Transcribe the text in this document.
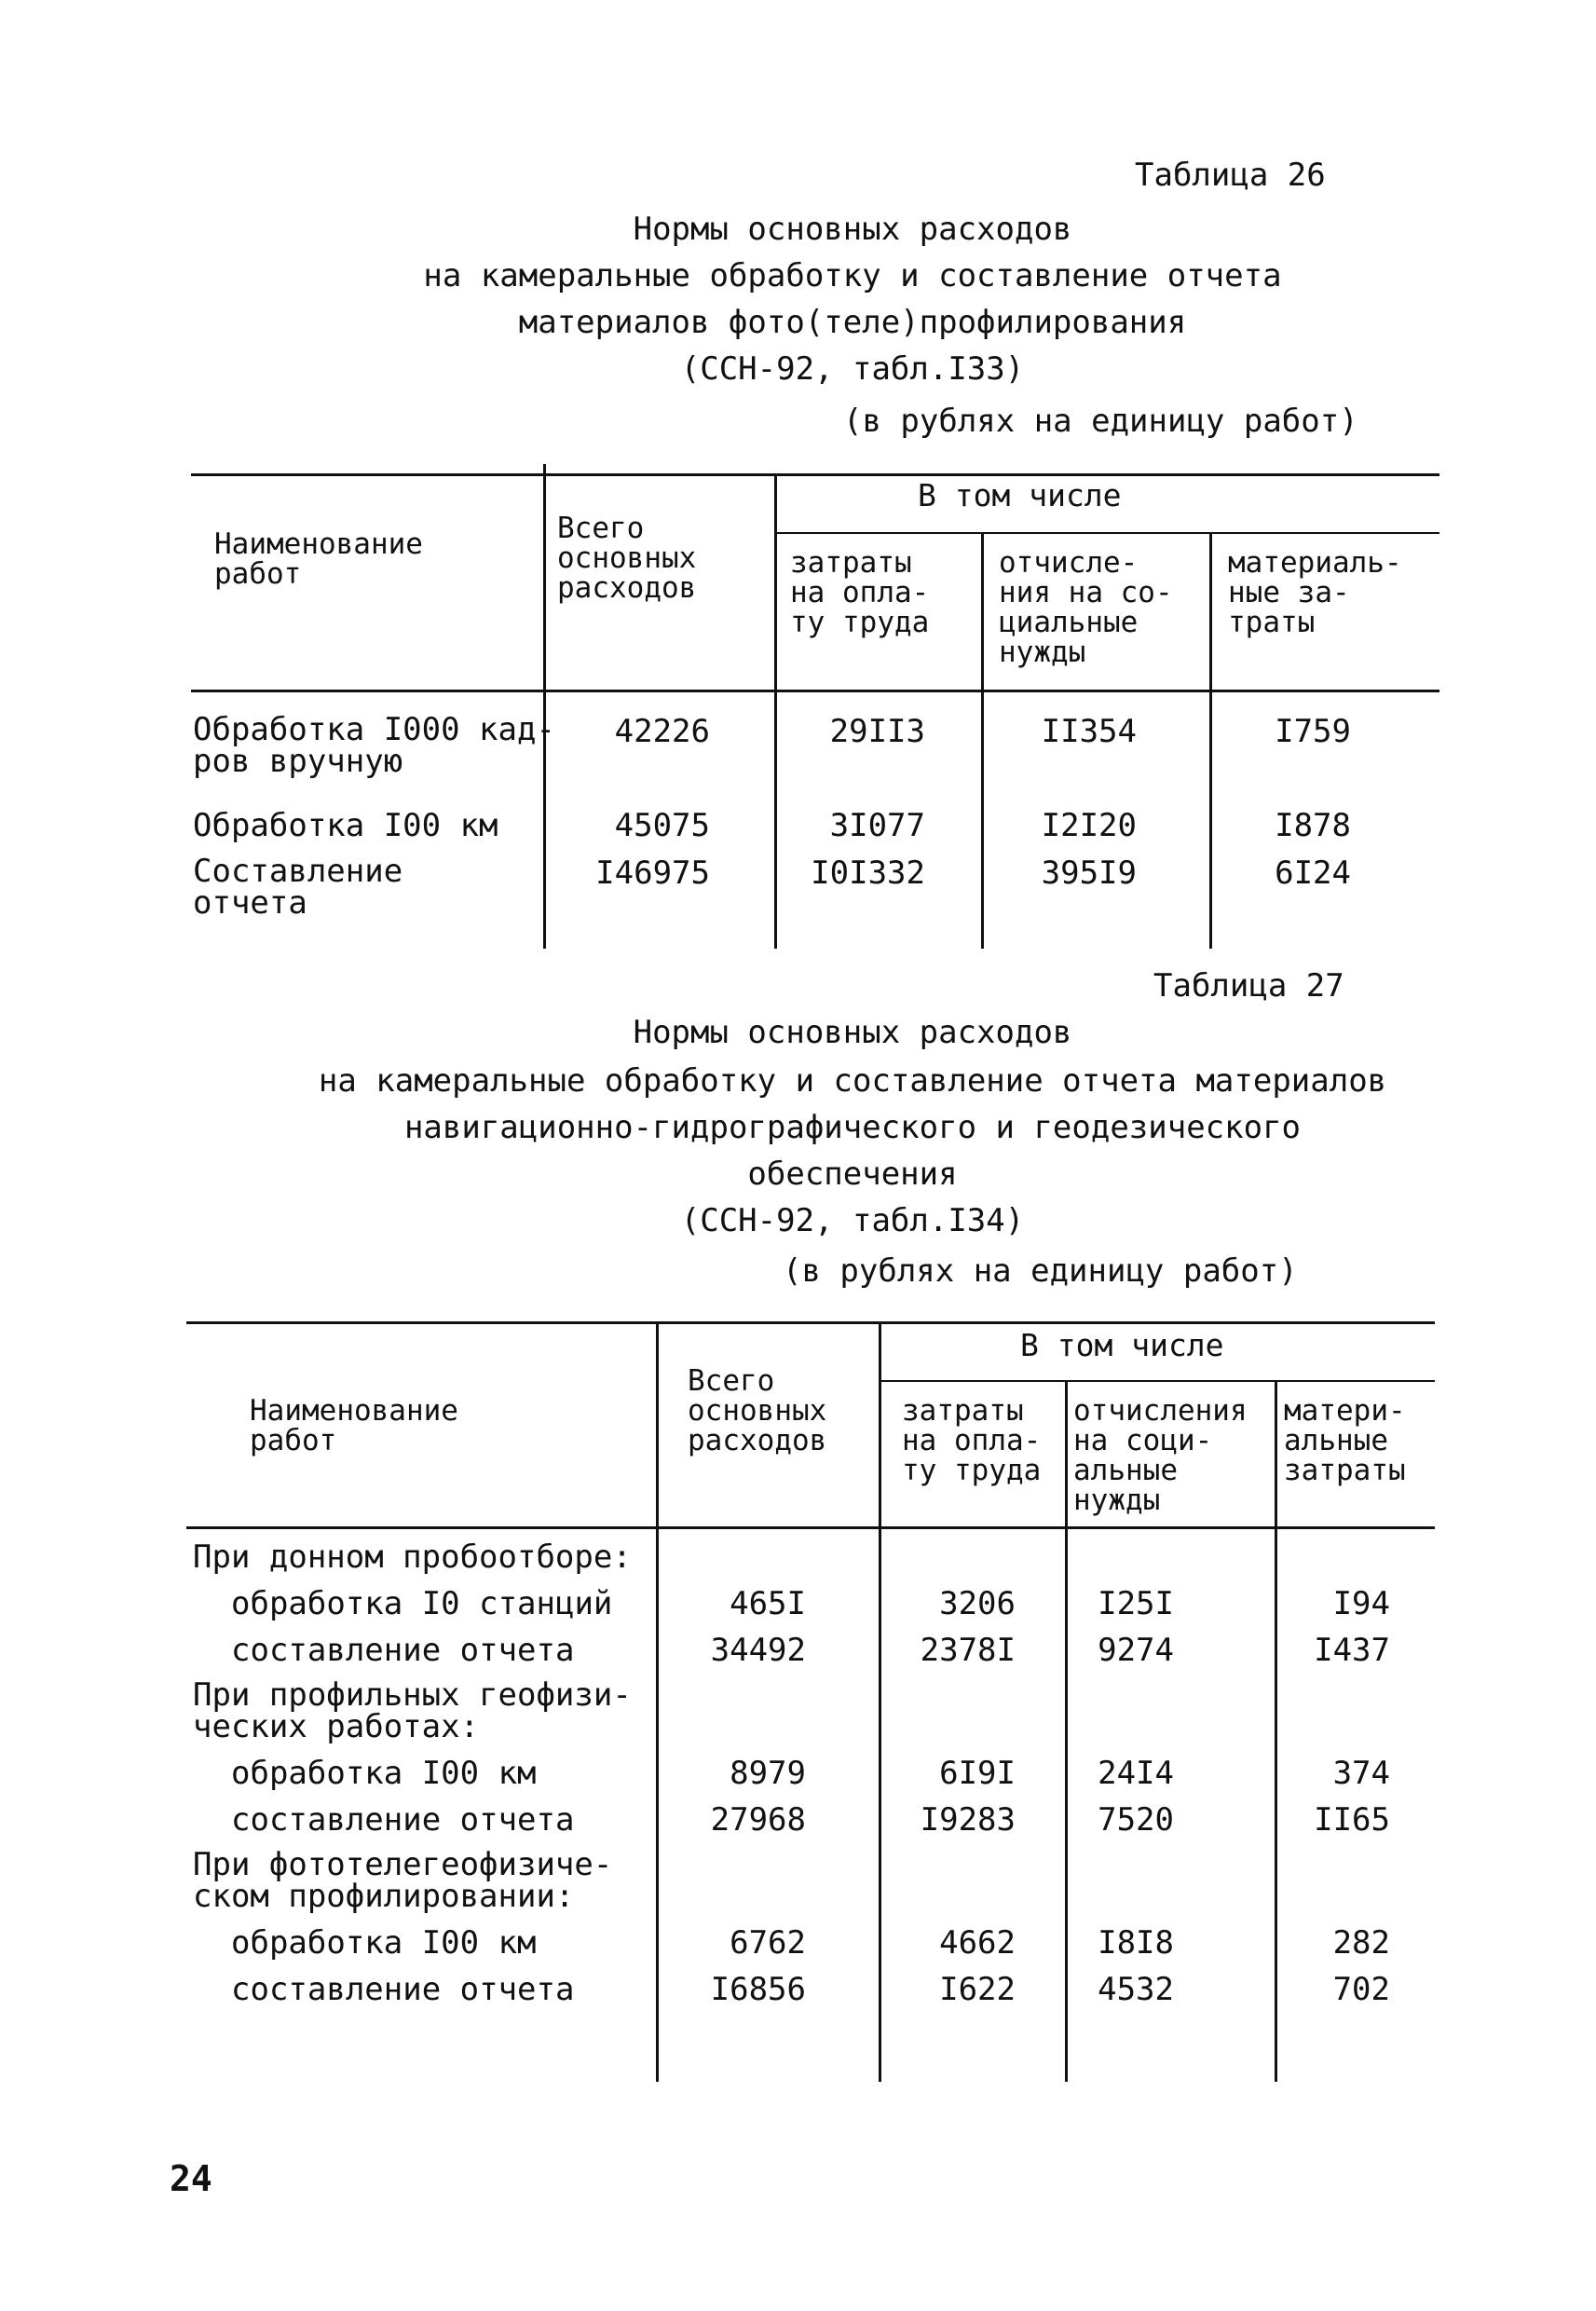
Таблица 26
Нормы основных расходов
на камеральные обработку и составление отчета
материалов фото(теле)профилирования
(ССН-92, табл.I33)
(в рублях на единицу работ)
Наименование
работ
Всего
основных
расходов
В том числе
затраты
на опла-
ту труда
отчисле-
ния на со-
циальные
нужды
материаль-
ные за-
траты
Обработка I000 кад-
ров вручную
42226	29II3	II354	I759
Обработка I00 км	45075	3I077	I2I20	I878
Составление
отчета
I46975	I0I332	395I9	6I24
Таблица 27
Нормы основных расходов
на камеральные обработку и составление отчета материалов
навигационно-гидрографического и геодезического
обеспечения
(ССН-92, табл.I34)
(в рублях на единицу работ)
Наименование
работ
Всего
основных
расходов
В том числе
затраты
на опла-
ту труда
отчисления
на соци-
альные
нужды
матери-
альные
затраты
При донном пробоотборе:
обработка I0 станций	465I	3206	I25I	I94
составление отчета	34492	2378I	9274	I437
При профильных геофизи-
ческих работах:
обработка I00 км	8979	6I9I	24I4	374
составление отчета	27968	I9283	7520	II65
При фототелегеофизиче-
ском профилировании:
обработка I00 км	6762	4662	I8I8	282
составление отчета	I6856	I622	4532	702
24
